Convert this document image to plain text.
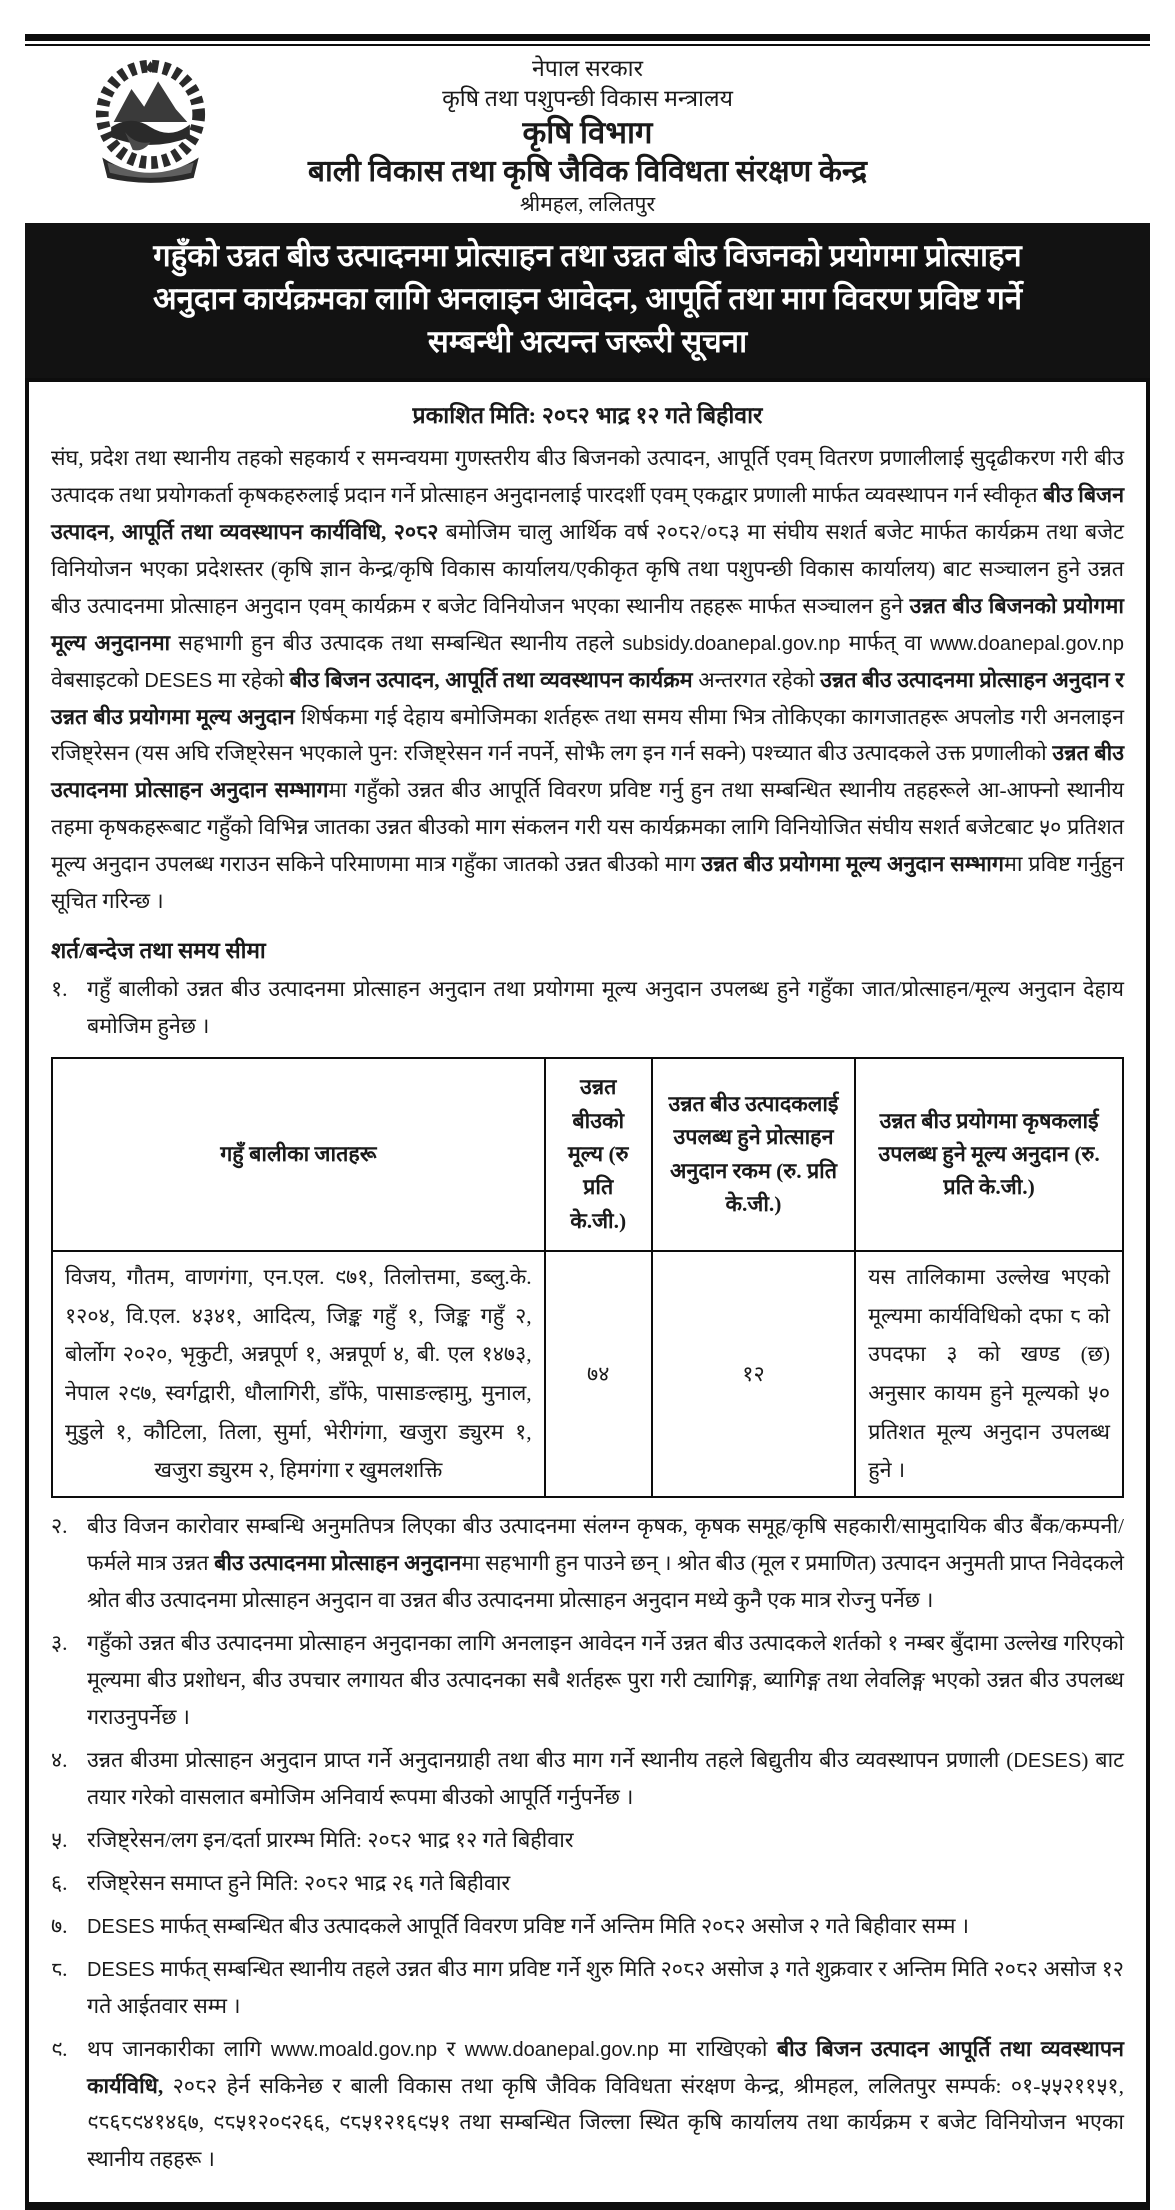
नेपाल सरकार
कृषि तथा पशुपन्छी विकास मन्त्रालय
कृषि विभाग
बाली विकास तथा कृषि जैविक विविधता संरक्षण केन्द्र
श्रीमहल, ललितपुर
गहुँको उन्नत बीउ उत्पादनमा प्रोत्साहन तथा उन्नत बीउ विजनको प्रयोगमा प्रोत्साहन
अनुदान कार्यक्रमका लागि अनलाइन आवेदन, आपूर्ति तथा माग विवरण प्रविष्ट गर्ने
सम्बन्धी अत्यन्त जरूरी सूचना
प्रकाशित मिति: २०८२ भाद्र १२ गते बिहीवार
संघ, प्रदेश तथा स्थानीय तहको सहकार्य र समन्वयमा गुणस्तरीय बीउ बिजनको उत्पादन, आपूर्ति एवम् वितरण प्रणालीलाई सुदृढीकरण गरी बीउ उत्पादक तथा प्रयोगकर्ता कृषकहरुलाई प्रदान गर्ने प्रोत्साहन अनुदानलाई पारदर्शी एवम् एकद्वार प्रणाली मार्फत व्यवस्थापन गर्न स्वीकृत बीउ बिजन उत्पादन, आपूर्ति तथा व्यवस्थापन कार्यविधि, २०८२ बमोजिम चालु आर्थिक वर्ष २०८२/०८३ मा संघीय सशर्त बजेट मार्फत कार्यक्रम तथा बजेट विनियोजन भएका प्रदेशस्तर (कृषि ज्ञान केन्द्र/कृषि विकास कार्यालय/एकीकृत कृषि तथा पशुपन्छी विकास कार्यालय) बाट सञ्चालन हुने उन्नत बीउ उत्पादनमा प्रोत्साहन अनुदान एवम् कार्यक्रम र बजेट विनियोजन भएका स्थानीय तहहरू मार्फत सञ्चालन हुने उन्नत बीउ बिजनको प्रयोगमा मूल्य अनुदानमा सहभागी हुन बीउ उत्पादक तथा सम्बन्धित स्थानीय तहले subsidy.doanepal.gov.np मार्फत् वा www.doanepal.gov.np वेबसाइटको DESES मा रहेको बीउ बिजन उत्पादन, आपूर्ति तथा व्यवस्थापन कार्यक्रम अन्तरगत रहेको उन्नत बीउ उत्पादनमा प्रोत्साहन अनुदान र उन्नत बीउ प्रयोगमा मूल्य अनुदान शिर्षकमा गई देहाय बमोजिमका शर्तहरू तथा समय सीमा भित्र तोकिएका कागजातहरू अपलोड गरी अनलाइन रजिष्ट्रेसन (यस अघि रजिष्ट्रेसन भएकाले पुन: रजिष्ट्रेसन गर्न नपर्ने, सोझै लग इन गर्न सक्ने) पश्च्यात बीउ उत्पादकले उक्त प्रणालीको उन्नत बीउ उत्पादनमा प्रोत्साहन अनुदान सम्भागमा गहुँको उन्नत बीउ आपूर्ति विवरण प्रविष्ट गर्नु हुन तथा सम्बन्धित स्थानीय तहहरूले आ-आफ्नो स्थानीय तहमा कृषकहरूबाट गहुँको विभिन्न जातका उन्नत बीउको माग संकलन गरी यस कार्यक्रमका लागि विनियोजित संघीय सशर्त बजेटबाट ५० प्रतिशत मूल्य अनुदान उपलब्ध गराउन सकिने परिमाणमा मात्र गहुँका जातको उन्नत बीउको माग उन्नत बीउ प्रयोगमा मूल्य अनुदान सम्भागमा प्रविष्ट गर्नुहुन सूचित गरिन्छ ।
शर्त/बन्देज तथा समय सीमा
१. गहुँ बालीको उन्नत बीउ उत्पादनमा प्रोत्साहन अनुदान तथा प्रयोगमा मूल्य अनुदान उपलब्ध हुने गहुँका जात/प्रोत्साहन/मूल्य अनुदान देहाय बमोजिम हुनेछ ।
गहुँ बालीका जातहरू	उन्नत बीउको मूल्य (रु प्रति के.जी.)	उन्नत बीउ उत्पादकलाई उपलब्ध हुने प्रोत्साहन अनुदान रकम (रु. प्रति के.जी.)	उन्नत बीउ प्रयोगमा कृषकलाई उपलब्ध हुने मूल्य अनुदान (रु. प्रति के.जी.)
विजय, गौतम, वाणगंगा, एन.एल. ९७१, तिलोत्तमा, डब्लु.के. १२०४, वि.एल. ४३४१, आदित्य, जिङ्क गहुँ १, जिङ्क गहुँ २, बोर्लोग २०२०, भृकुटी, अन्नपूर्ण १, अन्नपूर्ण ४, बी. एल १४७३, नेपाल २९७, स्वर्गद्वारी, धौलागिरी, डाँफे, पासाङल्हामु, मुनाल, मुडुले १, कौटिला, तिला, सुर्मा, भेरीगंगा, खजुरा ड्युरम १, खजुरा ड्युरम २, हिमगंगा र खुमलशक्ति	७४	१२	यस तालिकामा उल्लेख भएको मूल्यमा कार्यविधिको दफा ८ को उपदफा ३ को खण्ड (छ) अनुसार कायम हुने मूल्यको ५० प्रतिशत मूल्य अनुदान उपलब्ध हुने ।
२. बीउ विजन कारोवार सम्बन्धि अनुमतिपत्र लिएका बीउ उत्पादनमा संलग्न कृषक, कृषक समूह/कृषि सहकारी/सामुदायिक बीउ बैंक/कम्पनी/फर्मले मात्र उन्नत बीउ उत्पादनमा प्रोत्साहन अनुदानमा सहभागी हुन पाउने छन् । श्रोत बीउ (मूल र प्रमाणित) उत्पादन अनुमती प्राप्त निवेदकले श्रोत बीउ उत्पादनमा प्रोत्साहन अनुदान वा उन्नत बीउ उत्पादनमा प्रोत्साहन अनुदान मध्ये कुनै एक मात्र रोज्नु पर्नेछ ।
३. गहुँको उन्नत बीउ उत्पादनमा प्रोत्साहन अनुदानका लागि अनलाइन आवेदन गर्ने उन्नत बीउ उत्पादकले शर्तको १ नम्बर बुँदामा उल्लेख गरिएको मूल्यमा बीउ प्रशोधन, बीउ उपचार लगायत बीउ उत्पादनका सबै शर्तहरू पुरा गरी ट्यागिङ्ग, ब्यागिङ्ग तथा लेवलिङ्ग भएको उन्नत बीउ उपलब्ध गराउनुपर्नेछ ।
४. उन्नत बीउमा प्रोत्साहन अनुदान प्राप्त गर्ने अनुदानग्राही तथा बीउ माग गर्ने स्थानीय तहले बिद्युतीय बीउ व्यवस्थापन प्रणाली (DESES) बाट तयार गरेको वासलात बमोजिम अनिवार्य रूपमा बीउको आपूर्ति गर्नुपर्नेछ ।
५. रजिष्ट्रेसन/लग इन/दर्ता प्रारम्भ मिति: २०८२ भाद्र १२ गते बिहीवार
६. रजिष्ट्रेसन समाप्त हुने मिति: २०८२ भाद्र २६ गते बिहीवार
७. DESES मार्फत् सम्बन्धित बीउ उत्पादकले आपूर्ति विवरण प्रविष्ट गर्ने अन्तिम मिति २०८२ असोज २ गते बिहीवार सम्म ।
८. DESES मार्फत् सम्बन्धित स्थानीय तहले उन्नत बीउ माग प्रविष्ट गर्ने शुरु मिति २०८२ असोज ३ गते शुक्रवार र अन्तिम मिति २०८२ असोज १२ गते आईतवार सम्म ।
९. थप जानकारीका लागि www.moald.gov.np र www.doanepal.gov.np मा राखिएको बीउ बिजन उत्पादन आपूर्ति तथा व्यवस्थापन कार्यविधि, २०८२ हेर्न सकिनेछ र बाली विकास तथा कृषि जैविक विविधता संरक्षण केन्द्र, श्रीमहल, ललितपुर सम्पर्क: ०१-५५२११५१, ९८६८९४१४६७, ९८५१२०९२६६, ९८५१२१६९५१ तथा सम्बन्धित जिल्ला स्थित कृषि कार्यालय तथा कार्यक्रम र बजेट विनियोजन भएका स्थानीय तहहरू ।
